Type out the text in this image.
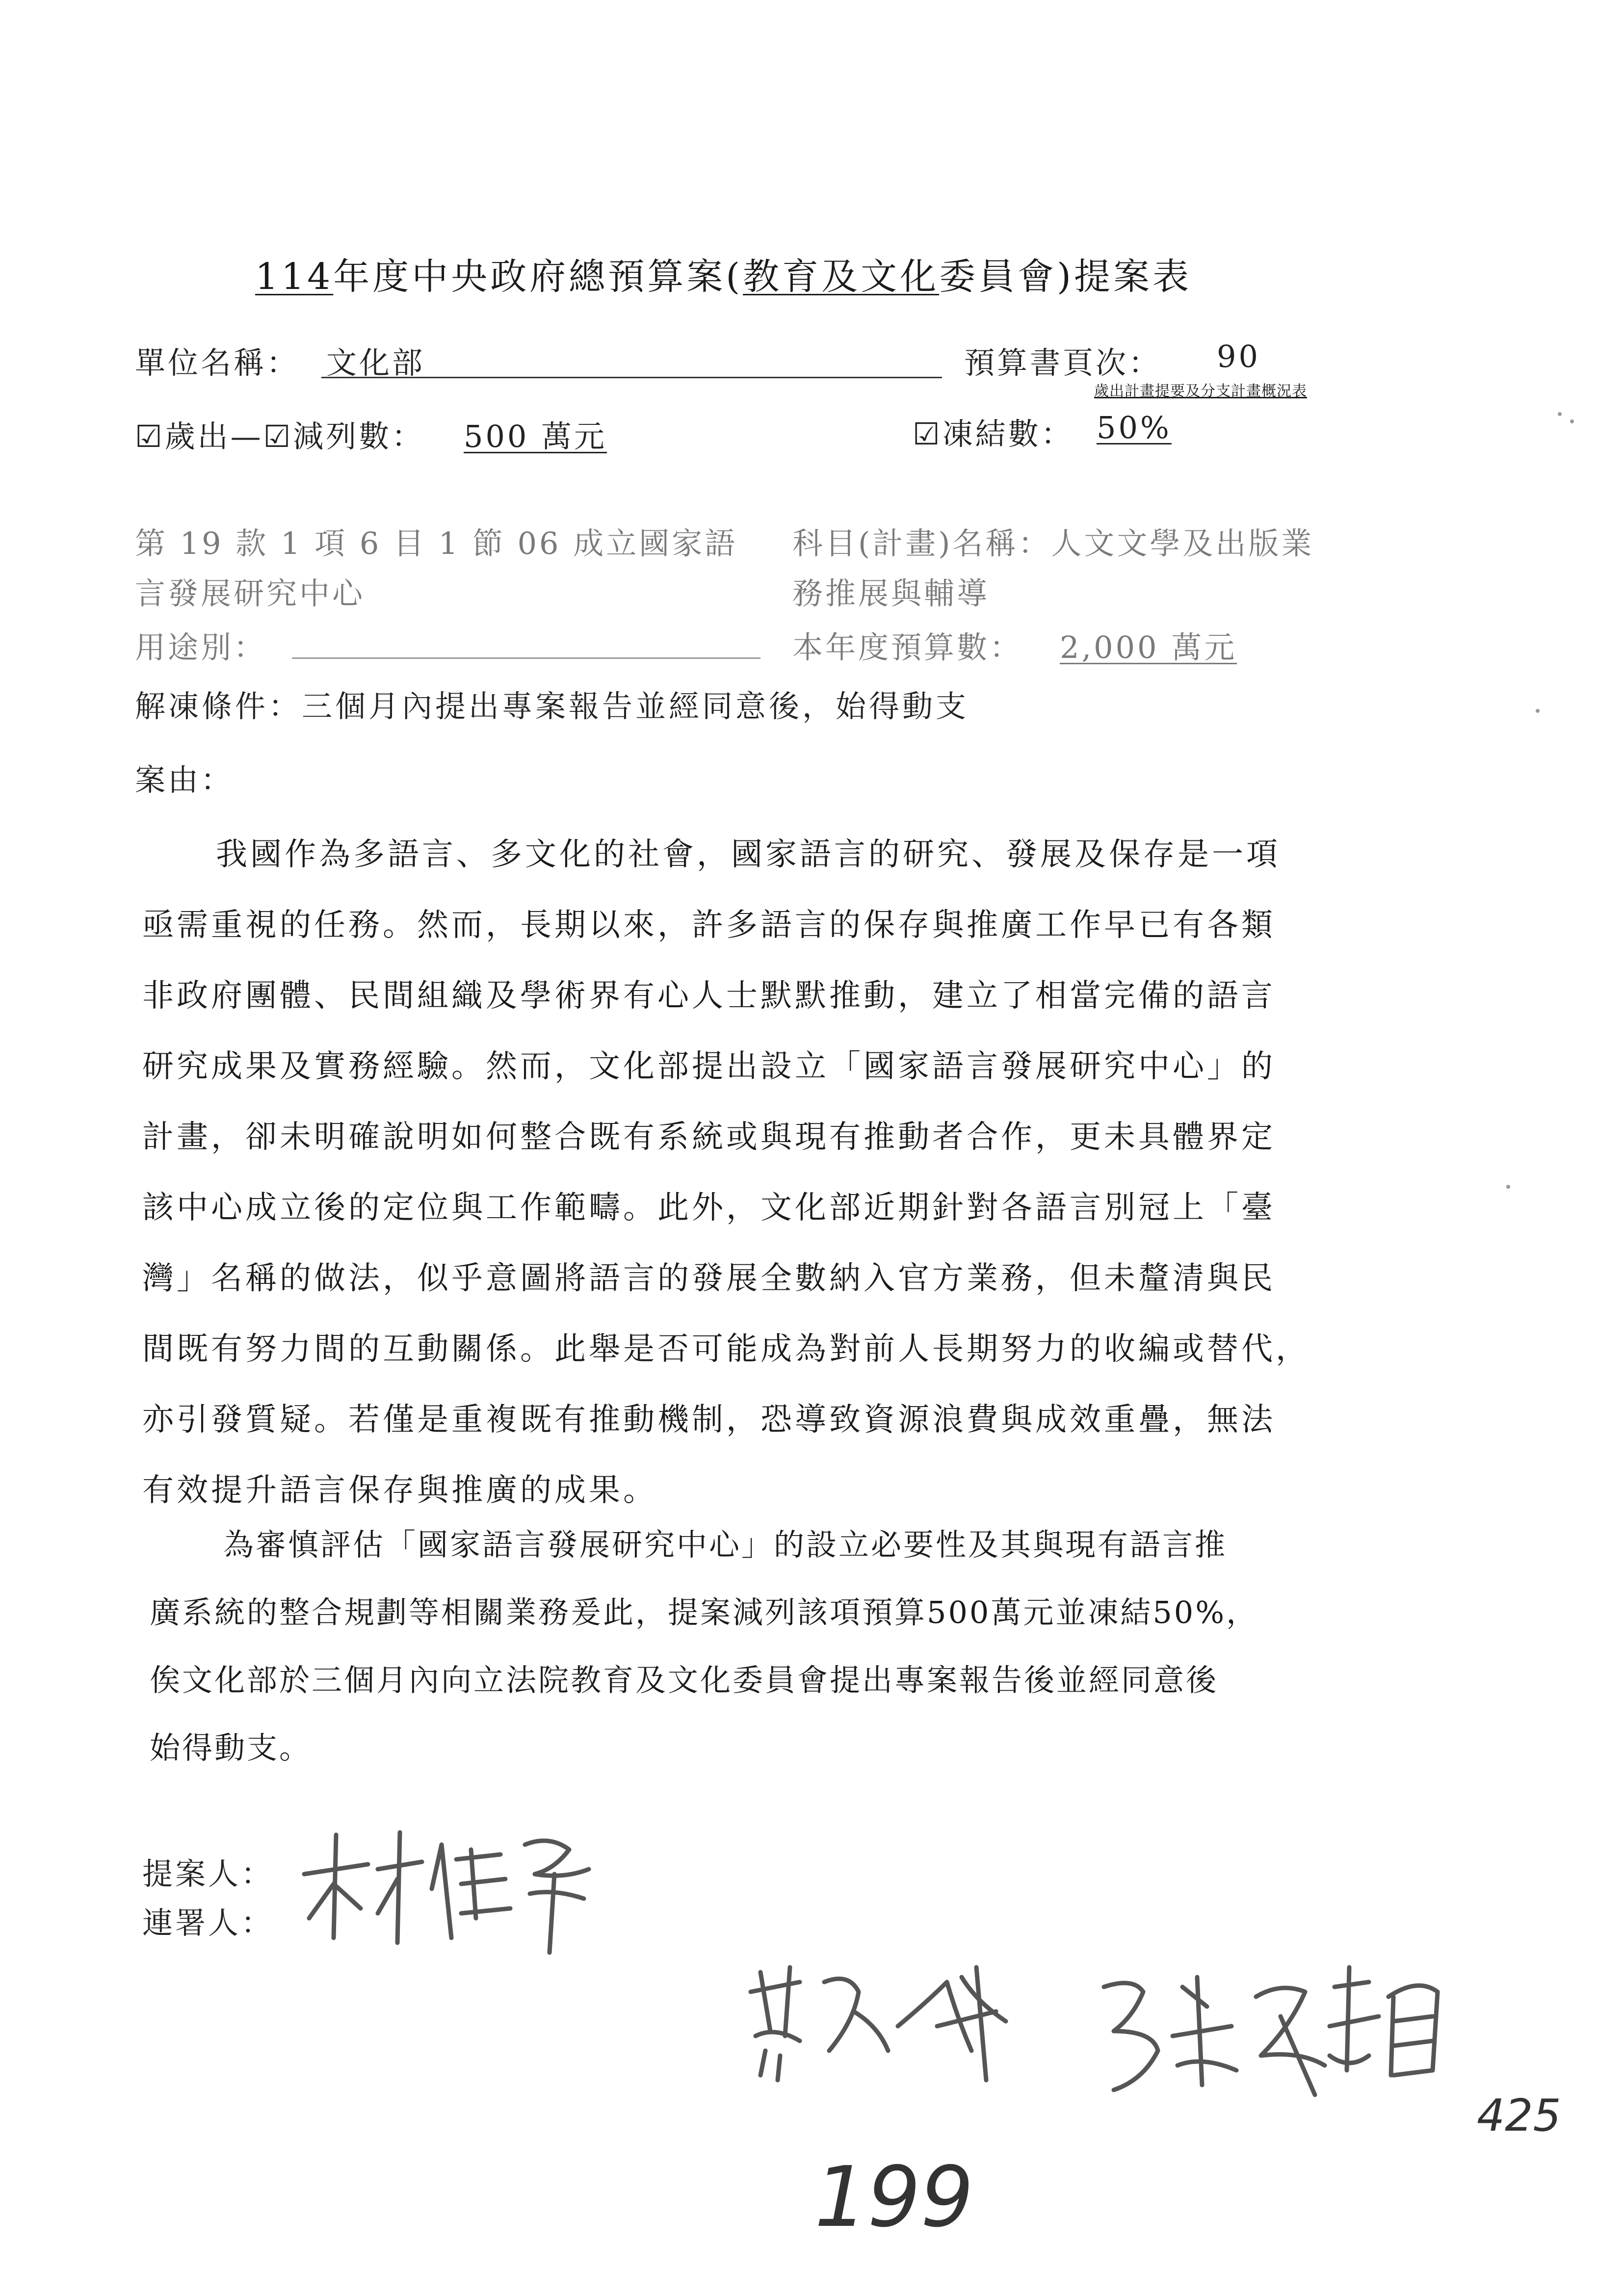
114年度中央政府總預算案(教育及文化委員會)提案表
單位名稱： 文化部	預算書頁次： 90
歲出計畫提要及分支計畫概況表
☑歲出—☑減列數： 500 萬元	☑凍結數： 50%
第 19 款 1 項 6 目 1 節 06 成立國家語
言發展研究中心
科目(計畫)名稱：人文文學及出版業
務推展與輔導
用途別：	本年度預算數： 2,000 萬元
解凍條件：三個月內提出專案報告並經同意後，始得動支
案由：
我國作為多語言、多文化的社會，國家語言的研究、發展及保存是一項
亟需重視的任務。然而，長期以來，許多語言的保存與推廣工作早已有各類
非政府團體、民間組織及學術界有心人士默默推動，建立了相當完備的語言
研究成果及實務經驗。然而，文化部提出設立「國家語言發展研究中心」的
計畫，卻未明確說明如何整合既有系統或與現有推動者合作，更未具體界定
該中心成立後的定位與工作範疇。此外，文化部近期針對各語言別冠上「臺
灣」名稱的做法，似乎意圖將語言的發展全數納入官方業務，但未釐清與民
間既有努力間的互動關係。此舉是否可能成為對前人長期努力的收編或替代，
亦引發質疑。若僅是重複既有推動機制，恐導致資源浪費與成效重疊，無法
有效提升語言保存與推廣的成果。
為審慎評估「國家語言發展研究中心」的設立必要性及其與現有語言推
廣系統的整合規劃等相關業務爰此，提案減列該項預算500萬元並凍結50%，
俟文化部於三個月內向立法院教育及文化委員會提出專案報告後並經同意後
始得動支。
提案人：
連署人：
199
425
